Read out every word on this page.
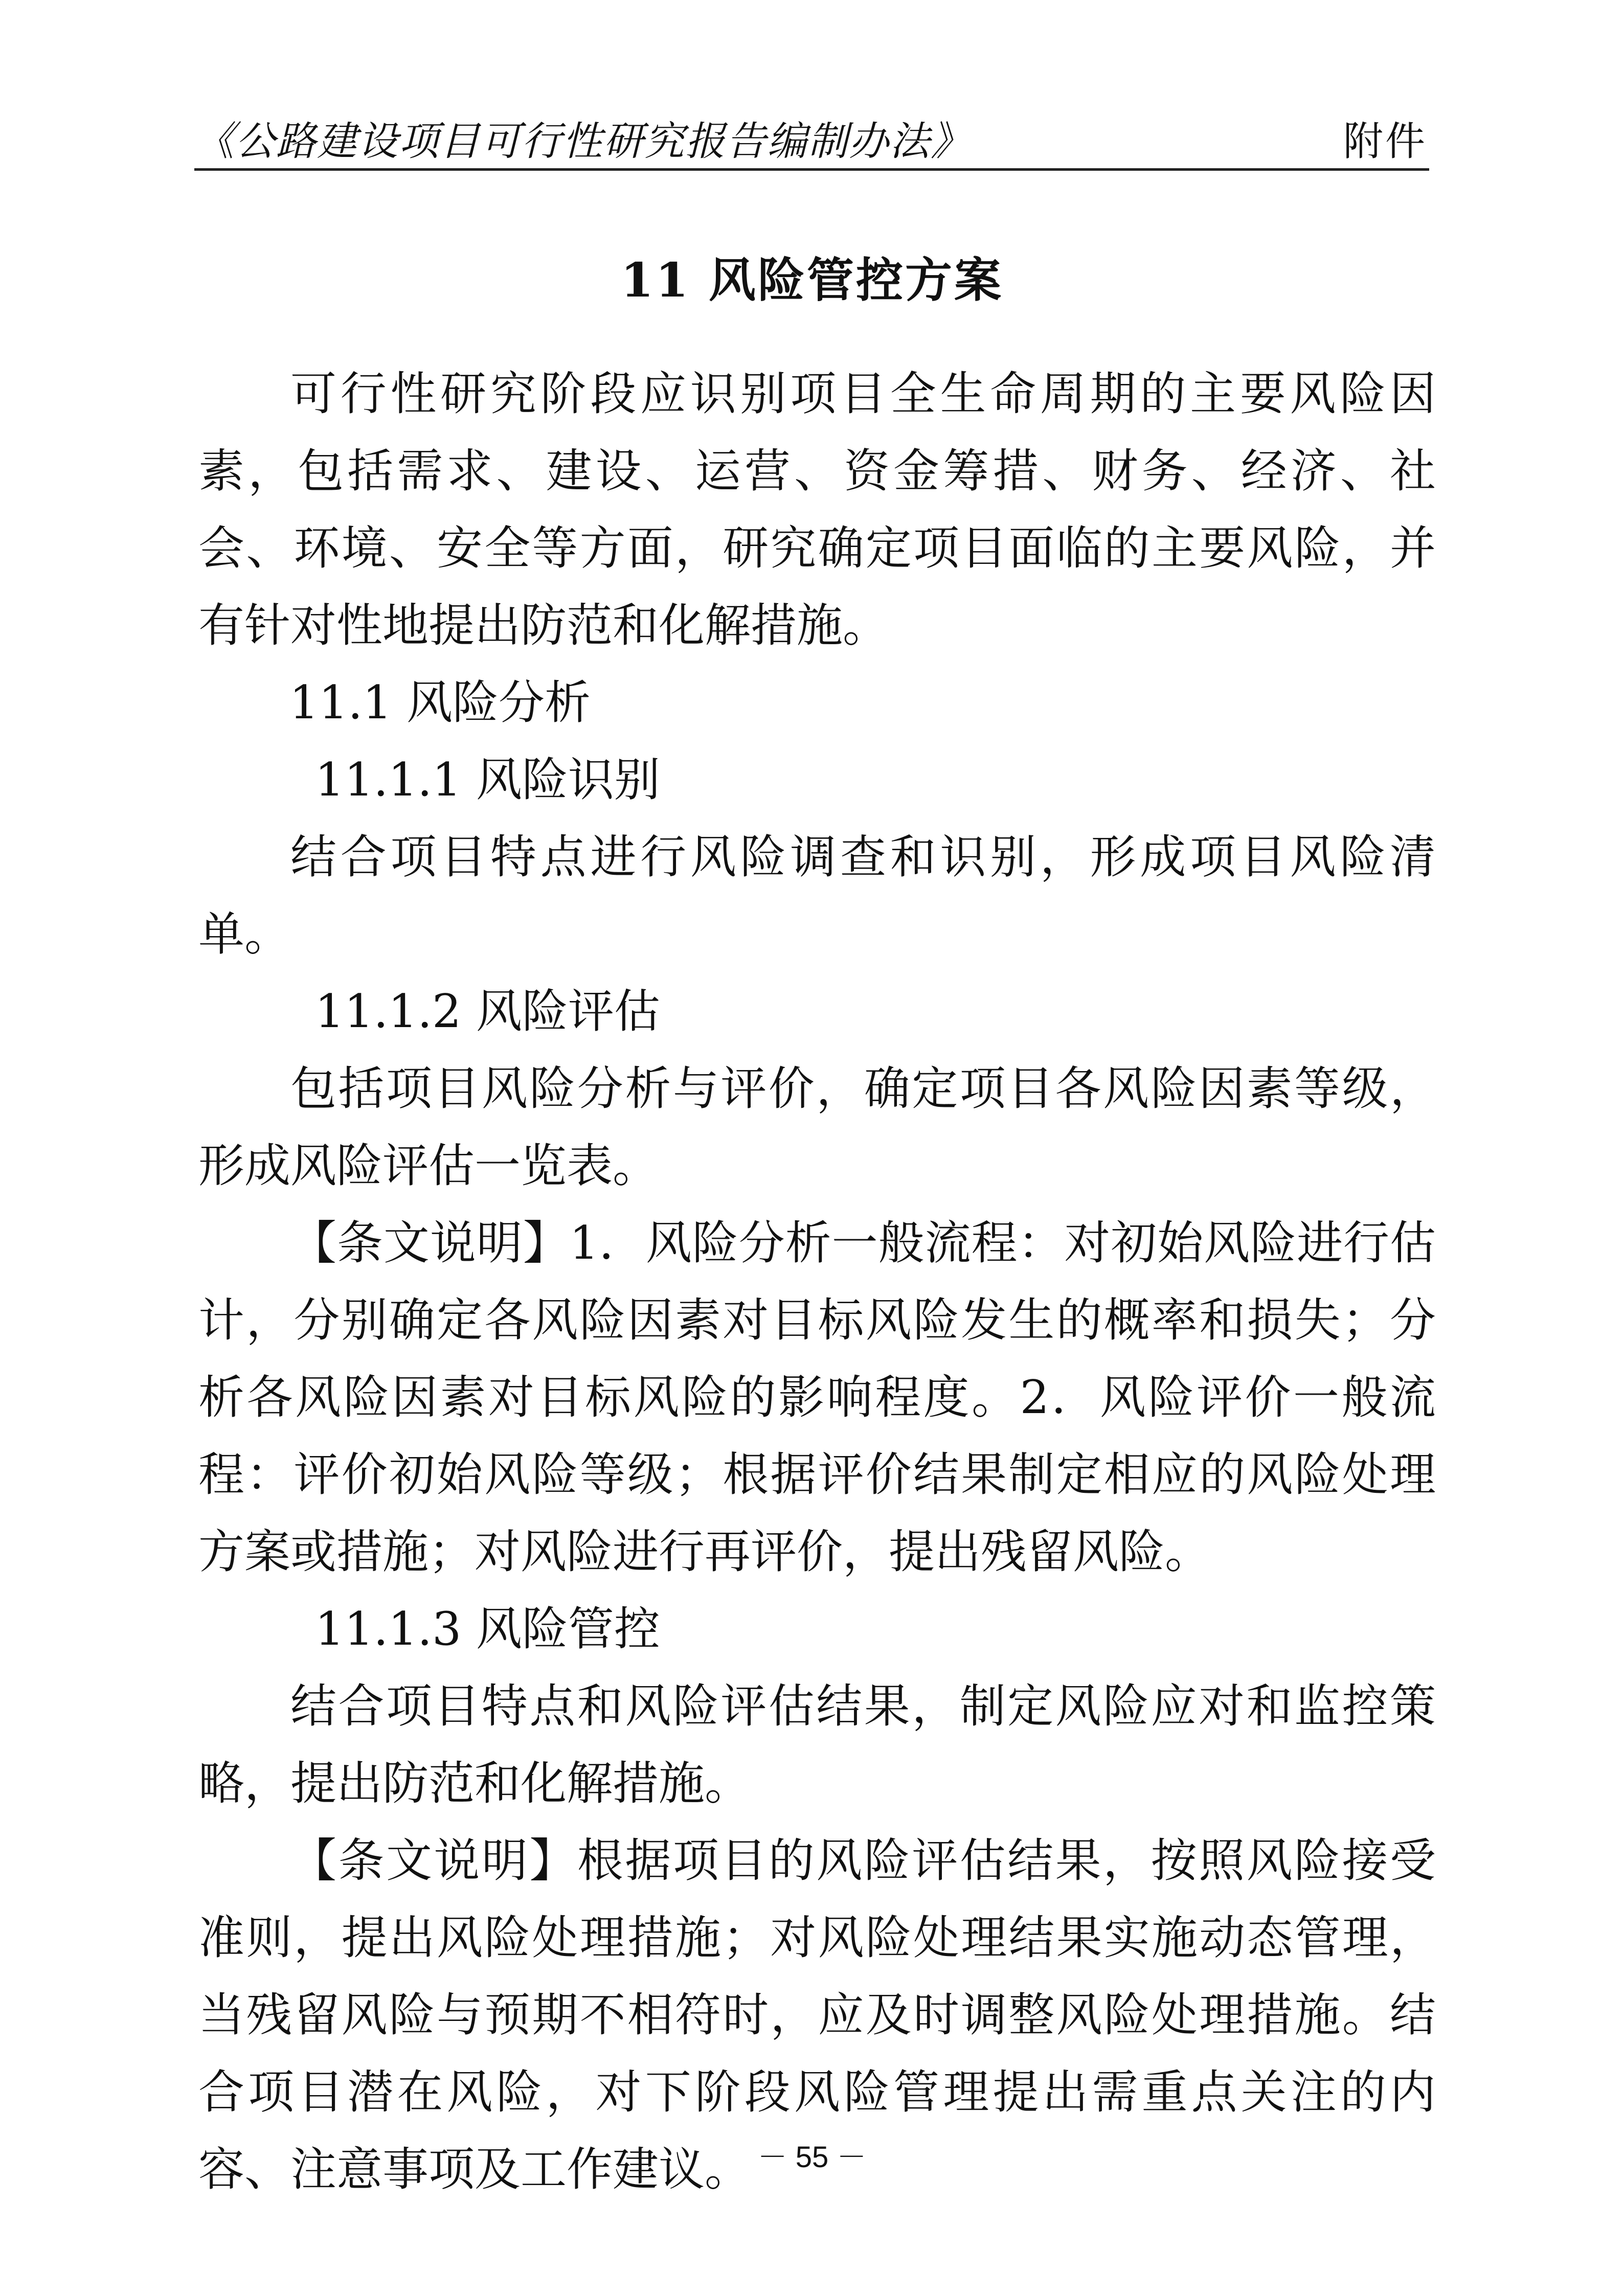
《公路建设项目可行性研究报告编制办法》	附件
11 风险管控方案

可行性研究阶段应识别项目全生命周期的主要风险因素，包括需求、建设、运营、资金筹措、财务、经济、社会、环境、安全等方面，研究确定项目面临的主要风险，并有针对性地提出防范和化解措施。

11.1 风险分析

11.1.1 风险识别

结合项目特点进行风险调查和识别，形成项目风险清单。

11.1.2 风险评估

包括项目风险分析与评价，确定项目各风险因素等级，形成风险评估一览表。

【条文说明】1．风险分析一般流程：对初始风险进行估计，分别确定各风险因素对目标风险发生的概率和损失；分析各风险因素对目标风险的影响程度。2．风险评价一般流程：评价初始风险等级；根据评价结果制定相应的风险处理方案或措施；对风险进行再评价，提出残留风险。

11.1.3 风险管控

结合项目特点和风险评估结果，制定风险应对和监控策略，提出防范和化解措施。

【条文说明】根据项目的风险评估结果，按照风险接受准则，提出风险处理措施；对风险处理结果实施动态管理，当残留风险与预期不相符时，应及时调整风险处理措施。结合项目潜在风险，对下阶段风险管理提出需重点关注的内容、注意事项及工作建议。 － 55 －
